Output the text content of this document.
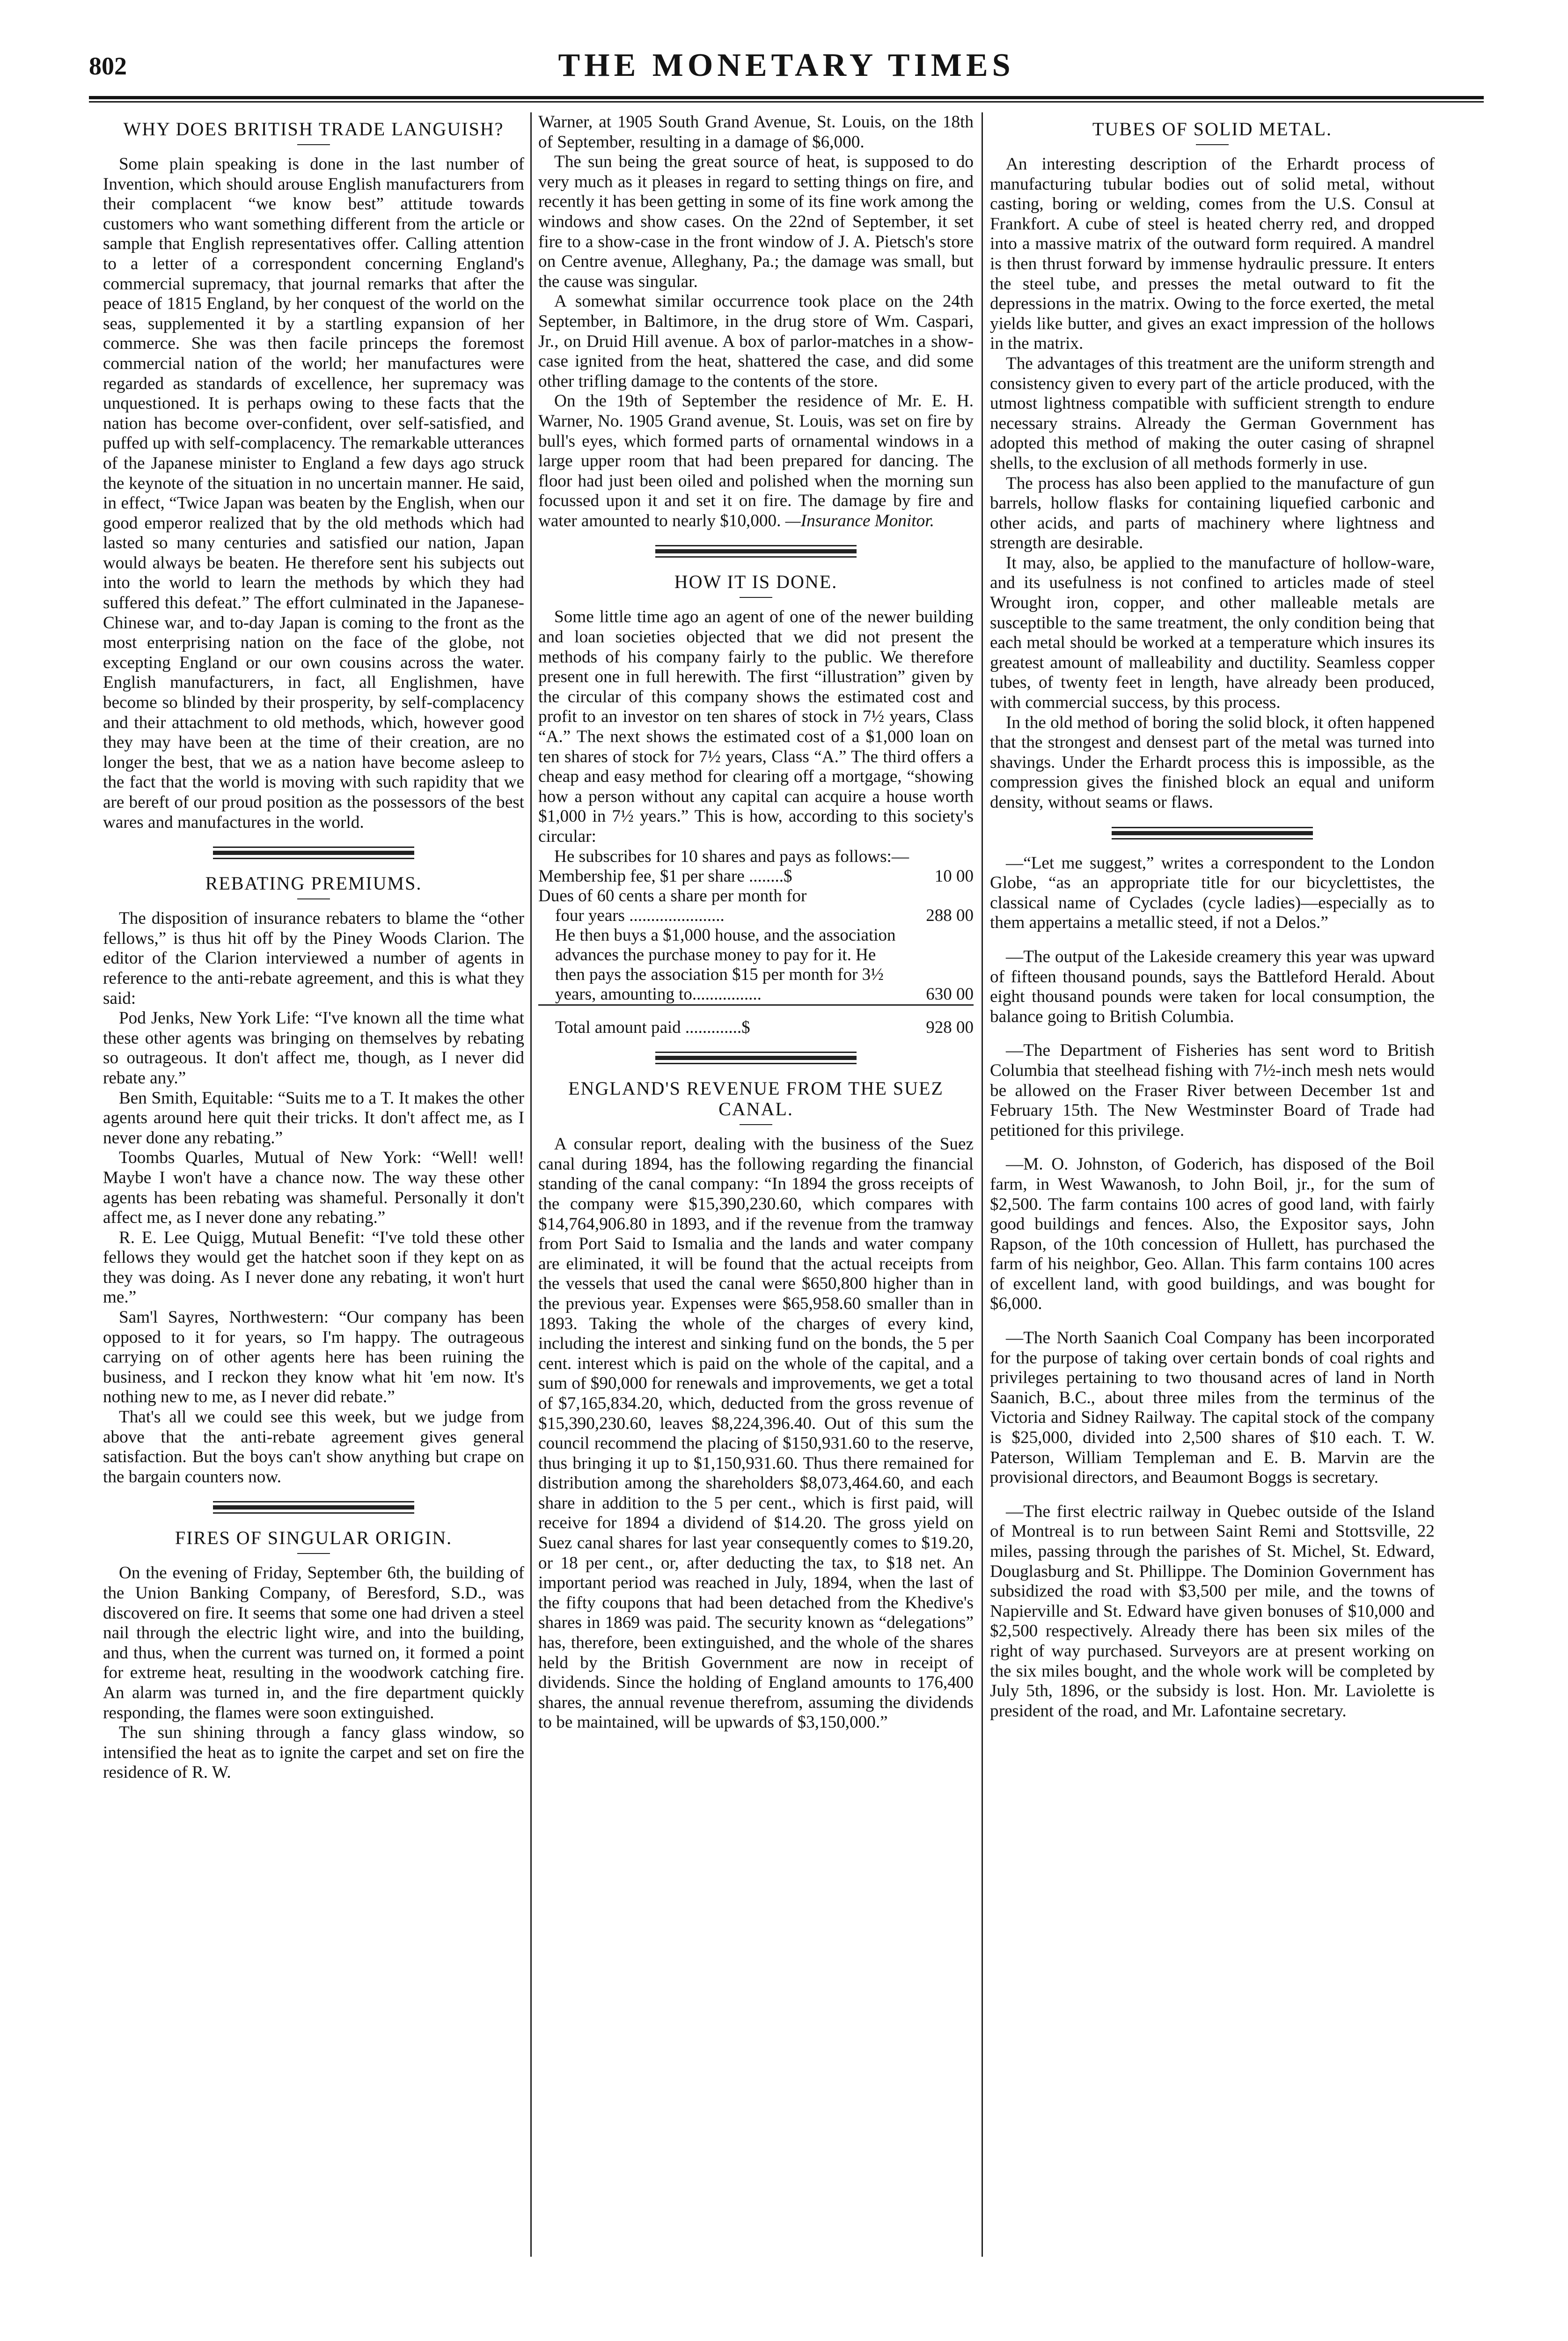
802	THE MONETARY TIMES
WHY DOES BRITISH TRADE LANGUISH?

Some plain speaking is done in the last number of Invention, which should arouse English manufacturers from their complacent “we know best” attitude towards customers who want something different from the article or sample that English representatives offer. Calling attention to a letter of a correspondent concerning England's commercial supremacy, that journal remarks that after the peace of 1815 England, by her conquest of the world on the seas, supplemented it by a startling expansion of her commerce. She was then facile princeps the foremost commercial nation of the world; her manufactures were regarded as standards of excellence, her supremacy was unquestioned. It is perhaps owing to these facts that the nation has become over-confident, over self-satisfied, and puffed up with self-complacency. The remarkable utterances of the Japanese minister to England a few days ago struck the keynote of the situation in no uncertain manner. He said, in effect, “Twice Japan was beaten by the English, when our good emperor realized that by the old methods which had lasted so many centuries and satisfied our nation, Japan would always be beaten. He therefore sent his subjects out into the world to learn the methods by which they had suffered this defeat.” The effort culminated in the Japanese-Chinese war, and to-day Japan is coming to the front as the most enterprising nation on the face of the globe, not excepting England or our own cousins across the water. English manufacturers, in fact, all Englishmen, have become so blinded by their prosperity, by self-complacency and their attachment to old methods, which, however good they may have been at the time of their creation, are no longer the best, that we as a nation have become asleep to the fact that the world is moving with such rapidity that we are bereft of our proud position as the possessors of the best wares and manufactures in the world.

REBATING PREMIUMS.

The disposition of insurance rebaters to blame the “other fellows,” is thus hit off by the Piney Woods Clarion. The editor of the Clarion interviewed a number of agents in reference to the anti-rebate agreement, and this is what they said:

Pod Jenks, New York Life: “I've known all the time what these other agents was bringing on themselves by rebating so outrageous. It don't affect me, though, as I never did rebate any.”

Ben Smith, Equitable: “Suits me to a T. It makes the other agents around here quit their tricks. It don't affect me, as I never done any rebating.”

Toombs Quarles, Mutual of New York: “Well! well! Maybe I won't have a chance now. The way these other agents has been rebating was shameful. Personally it don't affect me, as I never done any rebating.”

R. E. Lee Quigg, Mutual Benefit: “I've told these other fellows they would get the hatchet soon if they kept on as they was doing. As I never done any rebating, it won't hurt me.”

Sam'l Sayres, Northwestern: “Our company has been opposed to it for years, so I'm happy. The outrageous carrying on of other agents here has been ruining the business, and I reckon they know what hit 'em now. It's nothing new to me, as I never did rebate.”

That's all we could see this week, but we judge from above that the anti-rebate agreement gives general satisfaction. But the boys can't show anything but crape on the bargain counters now.

FIRES OF SINGULAR ORIGIN.

On the evening of Friday, September 6th, the building of the Union Banking Company, of Beresford, S.D., was discovered on fire. It seems that some one had driven a steel nail through the electric light wire, and into the building, and thus, when the current was turned on, it formed a point for extreme heat, resulting in the woodwork catching fire. An alarm was turned in, and the fire department quickly responding, the flames were soon extinguished.

The sun shining through a fancy glass window, so intensified the heat as to ignite the carpet and set on fire the residence of R. W.

Warner, at 1905 South Grand Avenue, St. Louis, on the 18th of September, resulting in a damage of $6,000.

The sun being the great source of heat, is supposed to do very much as it pleases in regard to setting things on fire, and recently it has been getting in some of its fine work among the windows and show cases. On the 22nd of September, it set fire to a show-case in the front window of J. A. Pietsch's store on Centre avenue, Alleghany, Pa.; the damage was small, but the cause was singular.

A somewhat similar occurrence took place on the 24th September, in Baltimore, in the drug store of Wm. Caspari, Jr., on Druid Hill avenue. A box of parlor-matches in a show-case ignited from the heat, shattered the case, and did some other trifling damage to the contents of the store.

On the 19th of September the residence of Mr. E. H. Warner, No. 1905 Grand avenue, St. Louis, was set on fire by bull's eyes, which formed parts of ornamental windows in a large upper room that had been prepared for dancing. The floor had just been oiled and polished when the morning sun focussed upon it and set it on fire. The damage by fire and water amounted to nearly $10,000. —Insurance Monitor.

HOW IT IS DONE.

Some little time ago an agent of one of the newer building and loan societies objected that we did not present the methods of his company fairly to the public. We therefore present one in full herewith. The first “illustration” given by the circular of this company shows the estimated cost and profit to an investor on ten shares of stock in 7½ years, Class “A.” The next shows the estimated cost of a $1,000 loan on ten shares of stock for 7½ years, Class “A.” The third offers a cheap and easy method for clearing off a mortgage, “showing how a person without any capital can acquire a house worth $1,000 in 7½ years.” This is how, according to this society's circular:

He subscribes for 10 shares and pays as follows:—

Membership fee, $1 per share ........$	10 00
Dues of 60 cents a share per month for	
four years ......................	288 00
He then buys a $1,000 house, and the association advances the purchase money to pay for it. He then pays the association $15 per month for 3½ years, amounting to................	630 00

Total amount paid .............$	928 00
ENGLAND'S REVENUE FROM THE SUEZ CANAL.

A consular report, dealing with the business of the Suez canal during 1894, has the following regarding the financial standing of the canal company: “In 1894 the gross receipts of the company were $15,390,230.60, which compares with $14,764,906.80 in 1893, and if the revenue from the tramway from Port Said to Ismalia and the lands and water company are eliminated, it will be found that the actual receipts from the vessels that used the canal were $650,800 higher than in the previous year. Expenses were $65,958.60 smaller than in 1893. Taking the whole of the charges of every kind, including the interest and sinking fund on the bonds, the 5 per cent. interest which is paid on the whole of the capital, and a sum of $90,000 for renewals and improvements, we get a total of $7,165,834.20, which, deducted from the gross revenue of $15,390,230.60, leaves $8,224,396.40. Out of this sum the council recommend the placing of $150,931.60 to the reserve, thus bringing it up to $1,150,931.60. Thus there remained for distribution among the shareholders $8,073,464.60, and each share in addition to the 5 per cent., which is first paid, will receive for 1894 a dividend of $14.20. The gross yield on Suez canal shares for last year consequently comes to $19.20, or 18 per cent., or, after deducting the tax, to $18 net. An important period was reached in July, 1894, when the last of the fifty coupons that had been detached from the Khedive's shares in 1869 was paid. The security known as “delegations” has, therefore, been extinguished, and the whole of the shares held by the British Government are now in receipt of dividends. Since the holding of England amounts to 176,400 shares, the annual revenue therefrom, assuming the dividends to be maintained, will be upwards of $3,150,000.”

TUBES OF SOLID METAL.

An interesting description of the Erhardt process of manufacturing tubular bodies out of solid metal, without casting, boring or welding, comes from the U.S. Consul at Frankfort. A cube of steel is heated cherry red, and dropped into a massive matrix of the outward form required. A mandrel is then thrust forward by immense hydraulic pressure. It enters the steel tube, and presses the metal outward to fit the depressions in the matrix. Owing to the force exerted, the metal yields like butter, and gives an exact impression of the hollows in the matrix.

The advantages of this treatment are the uniform strength and consistency given to every part of the article produced, with the utmost lightness compatible with sufficient strength to endure necessary strains. Already the German Government has adopted this method of making the outer casing of shrapnel shells, to the exclusion of all methods formerly in use.

The process has also been applied to the manufacture of gun barrels, hollow flasks for containing liquefied carbonic and other acids, and parts of machinery where lightness and strength are desirable.

It may, also, be applied to the manufacture of hollow-ware, and its usefulness is not confined to articles made of steel Wrought iron, copper, and other malleable metals are susceptible to the same treatment, the only condition being that each metal should be worked at a temperature which insures its greatest amount of malleability and ductility. Seamless copper tubes, of twenty feet in length, have already been produced, with commercial success, by this process.

In the old method of boring the solid block, it often happened that the strongest and densest part of the metal was turned into shavings. Under the Erhardt process this is impossible, as the compression gives the finished block an equal and uniform density, without seams or flaws.

—“Let me suggest,” writes a correspondent to the London Globe, “as an appropriate title for our bicyclettistes, the classical name of Cyclades (cycle ladies)—especially as to them appertains a metallic steed, if not a Delos.”

—The output of the Lakeside creamery this year was upward of fifteen thousand pounds, says the Battleford Herald. About eight thousand pounds were taken for local consumption, the balance going to British Columbia.

—The Department of Fisheries has sent word to British Columbia that steelhead fishing with 7½-inch mesh nets would be allowed on the Fraser River between December 1st and February 15th. The New Westminster Board of Trade had petitioned for this privilege.

—M. O. Johnston, of Goderich, has disposed of the Boil farm, in West Wawanosh, to John Boil, jr., for the sum of $2,500. The farm contains 100 acres of good land, with fairly good buildings and fences. Also, the Expositor says, John Rapson, of the 10th concession of Hullett, has purchased the farm of his neighbor, Geo. Allan. This farm contains 100 acres of excellent land, with good buildings, and was bought for $6,000.

—The North Saanich Coal Company has been incorporated for the purpose of taking over certain bonds of coal rights and privileges pertaining to two thousand acres of land in North Saanich, B.C., about three miles from the terminus of the Victoria and Sidney Railway. The capital stock of the company is $25,000, divided into 2,500 shares of $10 each. T. W. Paterson, William Templeman and E. B. Marvin are the provisional directors, and Beaumont Boggs is secretary.

—The first electric railway in Quebec outside of the Island of Montreal is to run between Saint Remi and Stottsville, 22 miles, passing through the parishes of St. Michel, St. Edward, Douglasburg and St. Phillippe. The Dominion Government has subsidized the road with $3,500 per mile, and the towns of Napierville and St. Edward have given bonuses of $10,000 and $2,500 respectively. Already there has been six miles of the right of way purchased. Surveyors are at present working on the six miles bought, and the whole work will be completed by July 5th, 1896, or the subsidy is lost. Hon. Mr. Laviolette is president of the road, and Mr. Lafontaine secretary.
